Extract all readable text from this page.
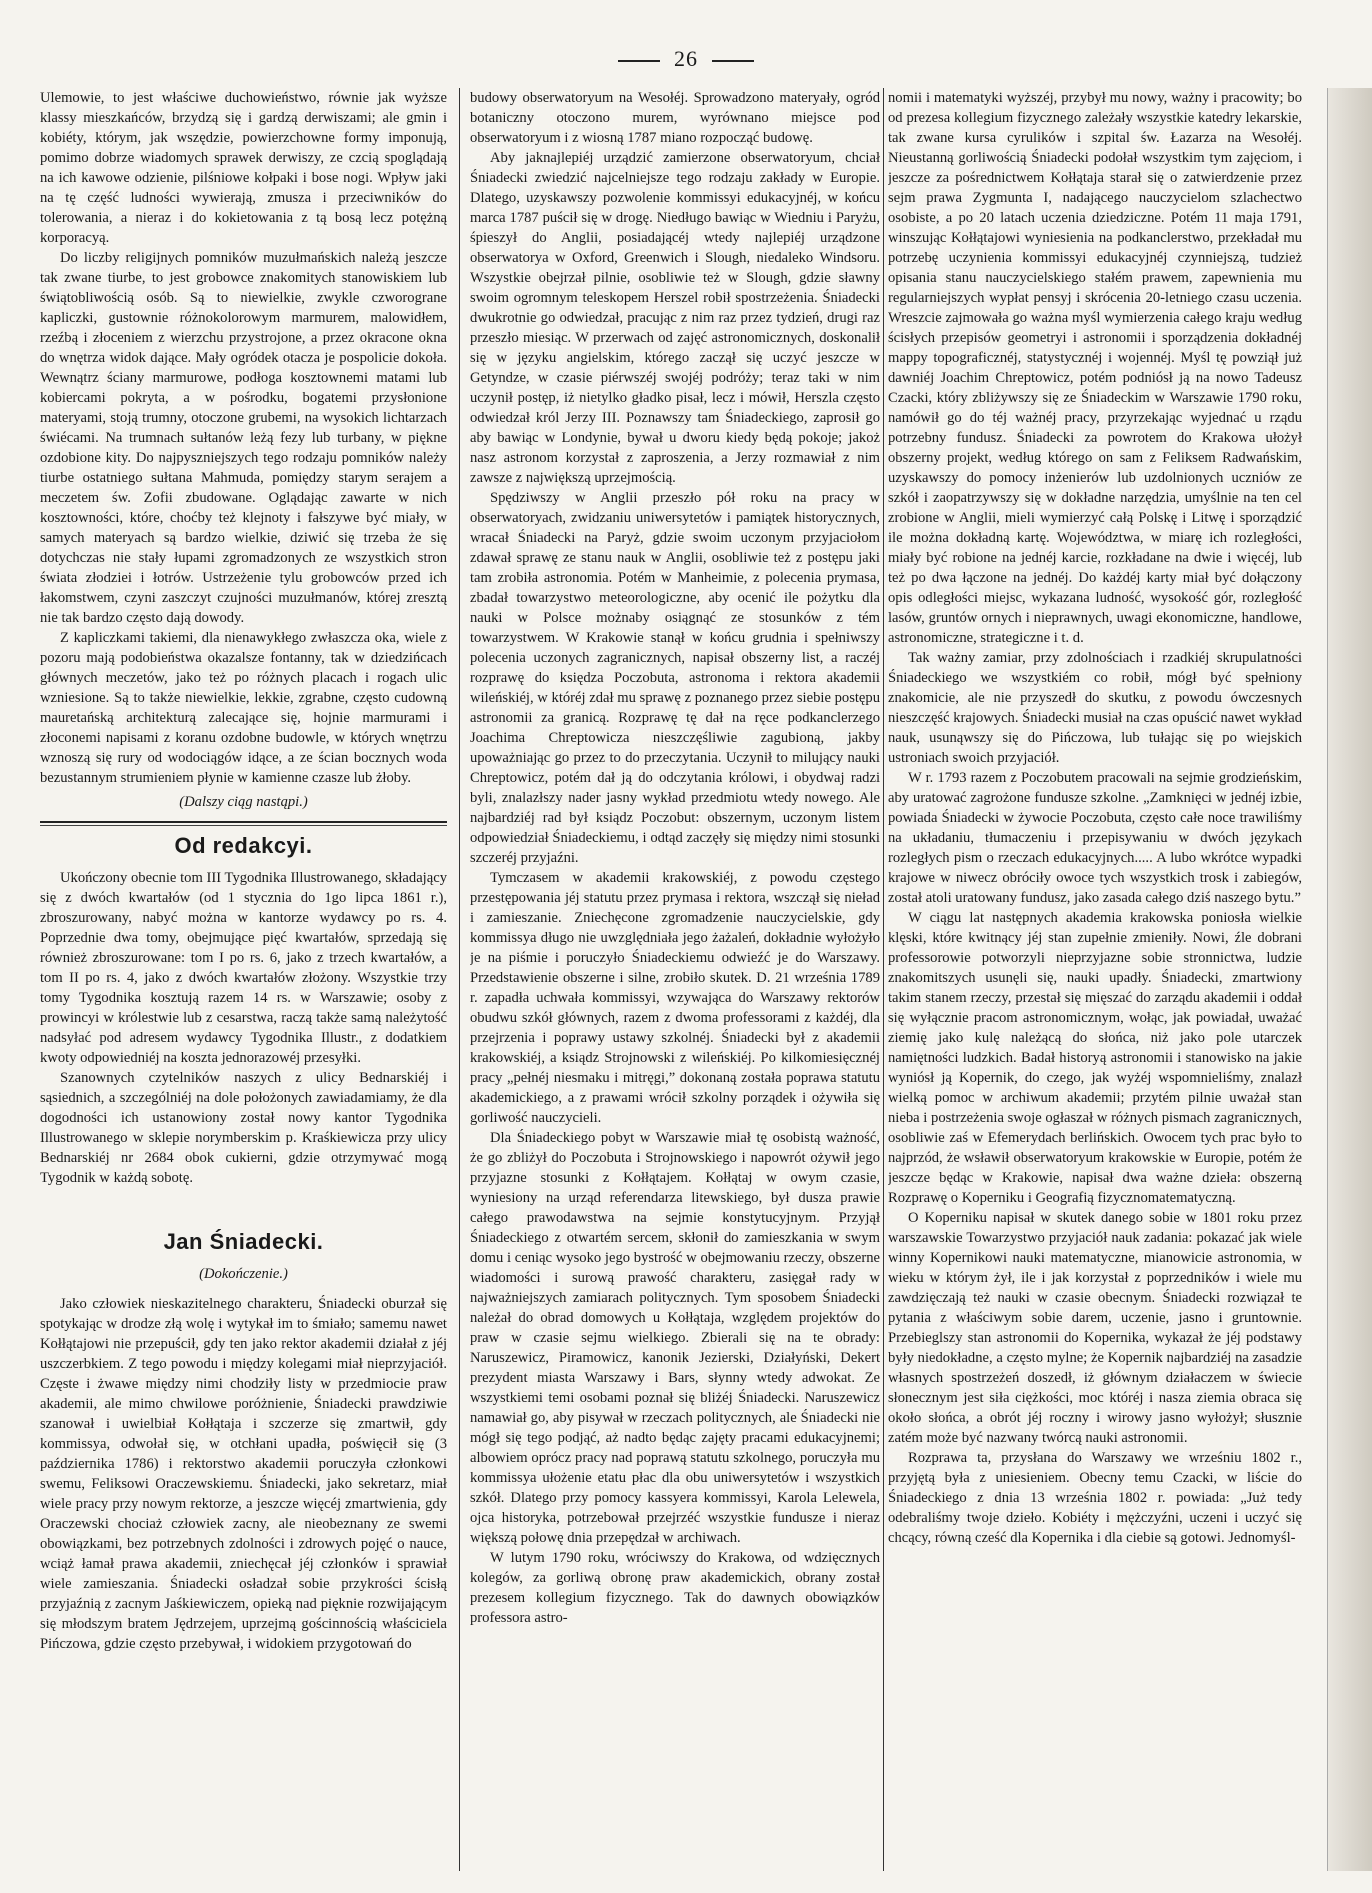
26

Ulemowie, to jest właściwe duchowieństwo, równie jak wyższe klassy mieszkańców, brzydzą się i gardzą derwiszami; ale gmin i kobiéty, którym, jak wszędzie, powierzchowne formy imponują, pomimo dobrze wiadomych sprawek derwiszy, ze czcią spoglądają na ich kawowe odzienie, pilśniowe kołpaki i bose nogi. Wpływ jaki na tę część ludności wywierają, zmusza i przeciwników do tolerowania, a nieraz i do kokietowania z tą bosą lecz potężną korporacyą.

Do liczby religijnych pomników muzułmańskich należą jeszcze tak zwane tiurbe, to jest grobowce znakomitych stanowiskiem lub świątobliwością osób. Są to niewielkie, zwykle czworograne kapliczki, gustownie różnokolorowym marmurem, malowidłem, rzeźbą i złoceniem z wierzchu przystrojone, a przez okracone okna do wnętrza widok dające. Mały ogródek otacza je pospolicie dokoła. Wewnątrz ściany marmurowe, podłoga kosztownemi matami lub kobiercami pokryta, a w pośrodku, bogatemi przysłonione materyami, stoją trumny, otoczone grubemi, na wysokich lichtarzach świécami. Na trumnach sułtanów leżą fezy lub turbany, w piękne ozdobione kity. Do najpyszniejszych tego rodzaju pomników należy tiurbe ostatniego sułtana Mahmuda, pomiędzy starym serajem a meczetem św. Zofii zbudowane. Oglądając zawarte w nich kosztowności, które, choćby też klejnoty i fałszywe być miały, w samych materyach są bardzo wielkie, dziwić się trzeba że się dotychczas nie stały łupami zgromadzonych ze wszystkich stron świata złodziei i łotrów. Ustrzeżenie tylu grobowców przed ich łakomstwem, czyni zaszczyt czujności muzułmanów, której zresztą nie tak bardzo często dają dowody.

Z kapliczkami takiemi, dla nienawykłego zwłaszcza oka, wiele z pozoru mają podobieństwa okazalsze fontanny, tak w dziedzińcach głównych meczetów, jako też po różnych placach i rogach ulic wzniesione. Są to także niewielkie, lekkie, zgrabne, często cudowną mauretańską architekturą zalecające się, hojnie marmurami i złoconemi napisami z koranu ozdobne budowle, w których wnętrzu wznoszą się rury od wodociągów idące, a ze ścian bocznych woda bezustannym strumieniem płynie w kamienne czasze lub żłoby.

(Dalszy ciąg nastąpi.)
Od redakcyi.

Ukończony obecnie tom III Tygodnika Illustrowanego, składający się z dwóch kwartałów (od 1 stycznia do 1go lipca 1861 r.), zbroszurowany, nabyć można w kantorze wydawcy po rs. 4. Poprzednie dwa tomy, obejmujące pięć kwartałów, sprzedają się również zbroszurowane: tom I po rs. 6, jako z trzech kwartałów, a tom II po rs. 4, jako z dwóch kwartałów złożony. Wszystkie trzy tomy Tygodnika kosztują razem 14 rs. w Warszawie; osoby z prowincyi w królestwie lub z cesarstwa, raczą także samą należytość nadsyłać pod adresem wydawcy Tygodnika Illustr., z dodatkiem kwoty odpowiedniéj na koszta jednorazowéj przesyłki.

Szanownych czytelników naszych z ulicy Bednarskiéj i sąsiednich, a szczególniéj na dole położonych zawiadamiamy, że dla dogodności ich ustanowiony został nowy kantor Tygodnika Illustrowanego w sklepie norymberskim p. Kraśkiewicza przy ulicy Bednarskiéj nr 2684 obok cukierni, gdzie otrzymywać mogą Tygodnik w każdą sobotę.

Jan Śniadecki.
(Dokończenie.)

Jako człowiek nieskazitelnego charakteru, Śniadecki oburzał się spotykając w drodze złą wolę i wytykał im to śmiało; samemu nawet Kołłątajowi nie przepuścił, gdy ten jako rektor akademii działał z jéj uszczerbkiem. Z tego powodu i między kolegami miał nieprzyjaciół. Częste i żwawe między nimi chodziły listy w przedmiocie praw akademii, ale mimo chwilowe poróżnienie, Śniadecki prawdziwie szanował i uwielbiał Kołłątaja i szczerze się zmartwił, gdy kommissya, odwołał się, w otchłani upadła, poświęcił się (3 października 1786) i rektorstwo akademii poruczyła członkowi swemu, Feliksowi Oraczewskiemu. Śniadecki, jako sekretarz, miał wiele pracy przy nowym rektorze, a jeszcze więcéj zmartwienia, gdy Oraczewski chociaż człowiek zacny, ale nieobeznany ze swemi obowiązkami, bez potrzebnych zdolności i zdrowych pojęć o nauce, wciąż łamał prawa akademii, zniechęcał jéj członków i sprawiał wiele zamieszania. Śniadecki osładzał sobie przykrości ścisłą przyjaźnią z zacnym Jaśkiewiczem, opieką nad pięknie rozwijającym się młodszym bratem Jędrzejem, uprzejmą gościnnością właściciela Pińczowa, gdzie często przebywał, i widokiem przygotowań do

budowy obserwatoryum na Wesołéj. Sprowadzono materyały, ogród botaniczny otoczono murem, wyrównano miejsce pod obserwatoryum i z wiosną 1787 miano rozpocząć budowę.

Aby jaknajlepiéj urządzić zamierzone obserwatoryum, chciał Śniadecki zwiedzić najcelniejsze tego rodzaju zakłady w Europie. Dlatego, uzyskawszy pozwolenie kommissyi edukacyjnéj, w końcu marca 1787 puścił się w drogę. Niedługo bawiąc w Wiedniu i Paryżu, śpieszył do Anglii, posiadającéj wtedy najlepiéj urządzone obserwatorya w Oxford, Greenwich i Slough, niedaleko Windsoru. Wszystkie obejrzał pilnie, osobliwie też w Slough, gdzie sławny swoim ogromnym teleskopem Herszel robił spostrzeżenia. Śniadecki dwukrotnie go odwiedzał, pracując z nim raz przez tydzień, drugi raz przeszło miesiąc. W przerwach od zajęć astronomicznych, doskonalił się w języku angielskim, którego zaczął się uczyć jeszcze w Getyndze, w czasie piérwszéj swojéj podróży; teraz taki w nim uczynił postęp, iż nietylko gładko pisał, lecz i mówił, Herszla często odwiedzał król Jerzy III. Poznawszy tam Śniadeckiego, zaprosił go aby bawiąc w Londynie, bywał u dworu kiedy będą pokoje; jakoż nasz astronom korzystał z zaproszenia, a Jerzy rozmawiał z nim zawsze z największą uprzejmością.

Spędziwszy w Anglii przeszło pół roku na pracy w obserwatoryach, zwidzaniu uniwersytetów i pamiątek historycznych, wracał Śniadecki na Paryż, gdzie swoim uczonym przyjaciołom zdawał sprawę ze stanu nauk w Anglii, osobliwie też z postępu jaki tam zrobiła astronomia. Potém w Manheimie, z polecenia prymasa, zbadał towarzystwo meteorologiczne, aby ocenić ile pożytku dla nauki w Polsce możnaby osiągnąć ze stosunków z tém towarzystwem. W Krakowie stanął w końcu grudnia i spełniwszy polecenia uczonych zagranicznych, napisał obszerny list, a raczéj rozprawę do księdza Poczobuta, astronoma i rektora akademii wileńskiéj, w któréj zdał mu sprawę z poznanego przez siebie postępu astronomii za granicą. Rozprawę tę dał na ręce podkanclerzego Joachima Chreptowicza nieszczęśliwie zagubioną, jakby upoważniając go przez to do przeczytania. Uczynił to milujący nauki Chreptowicz, potém dał ją do odczytania królowi, i obydwaj radzi byli, znalazłszy nader jasny wykład przedmiotu wtedy nowego. Ale najbardziéj rad był ksiądz Poczobut: obszernym, uczonym listem odpowiedział Śniadeckiemu, i odtąd zaczęły się między nimi stosunki szczeréj przyjaźni.

Tymczasem w akademii krakowskiéj, z powodu częstego przestępowania jéj statutu przez prymasa i rektora, wszczął się nieład i zamieszanie. Zniechęcone zgromadzenie nauczycielskie, gdy kommissya długo nie uwzględniała jego żażaleń, dokładnie wyłożyło je na piśmie i poruczyło Śniadeckiemu odwieźć je do Warszawy. Przedstawienie obszerne i silne, zrobiło skutek. D. 21 września 1789 r. zapadła uchwała kommissyi, wzywająca do Warszawy rektorów obudwu szkół głównych, razem z dwoma professorami z każdéj, dla przejrzenia i poprawy ustawy szkolnéj. Śniadecki był z akademii krakowskiéj, a ksiądz Strojnowski z wileńskiéj. Po kilkomiesięcznéj pracy „pełnéj niesmaku i mitręgi,” dokonaną została poprawa statutu akademickiego, a z prawami wrócił szkolny porządek i ożywiła się gorliwość nauczycieli.

Dla Śniadeckiego pobyt w Warszawie miał tę osobistą ważność, że go zbliżył do Poczobuta i Strojnowskiego i napowrót ożywił jego przyjazne stosunki z Kołłątajem. Kołłątaj w owym czasie, wyniesiony na urząd referendarza litewskiego, był dusza prawie całego prawodawstwa na sejmie konstytucyjnym. Przyjął Śniadeckiego z otwartém sercem, skłonił do zamieszkania w swym domu i ceniąc wysoko jego bystrość w obejmowaniu rzeczy, obszerne wiadomości i surową prawość charakteru, zasięgał rady w najważniejszych zamiarach politycznych. Tym sposobem Śniadecki należał do obrad domowych u Kołłątaja, względem projektów do praw w czasie sejmu wielkiego. Zbierali się na te obrady: Naruszewicz, Piramowicz, kanonik Jezierski, Działyński, Dekert prezydent miasta Warszawy i Bars, słynny wtedy adwokat. Ze wszystkiemi temi osobami poznał się bliżéj Śniadecki. Naruszewicz namawiał go, aby pisywał w rzeczach politycznych, ale Śniadecki nie mógł się tego podjąć, aż nadto będąc zajęty pracami edukacyjnemi; albowiem oprócz pracy nad poprawą statutu szkolnego, poruczyła mu kommissya ułożenie etatu płac dla obu uniwersytetów i wszystkich szkół. Dlatego przy pomocy kassyera kommissyi, Karola Lelewela, ojca historyka, potrzebował przejrzéć wszystkie fundusze i nieraz większą połowę dnia przepędzał w archiwach.

W lutym 1790 roku, wróciwszy do Krakowa, od wdzięcznych kolegów, za gorliwą obronę praw akademickich, obrany został prezesem kollegium fizycznego. Tak do dawnych obowiązków professora astro-

nomii i matematyki wyższéj, przybył mu nowy, ważny i pracowity; bo od prezesa kollegium fizycznego zależały wszystkie katedry lekarskie, tak zwane kursa cyrulików i szpital św. Łazarza na Wesołéj. Nieustanną gorliwością Śniadecki podołał wszystkim tym zajęciom, i jeszcze za pośrednictwem Kołłątaja starał się o zatwierdzenie przez sejm prawa Zygmunta I, nadającego nauczycielom szlachectwo osobiste, a po 20 latach uczenia dziedziczne. Potém 11 maja 1791, winszując Kołłątajowi wyniesienia na podkanclerstwo, przekładał mu potrzebę uczynienia kommissyi edukacyjnéj czynniejszą, tudzież opisania stanu nauczycielskiego stałém prawem, zapewnienia mu regularniejszych wypłat pensyj i skrócenia 20-letniego czasu uczenia. Wreszcie zajmowała go ważna myśl wymierzenia całego kraju według ścisłych przepisów geometryi i astronomii i sporządzenia dokładnéj mappy topograficznéj, statystycznéj i wojennéj. Myśl tę powziął już dawniéj Joachim Chreptowicz, potém podniósł ją na nowo Tadeusz Czacki, który zbliżywszy się ze Śniadeckim w Warszawie 1790 roku, namówił go do téj ważnéj pracy, przyrzekając wyjednać u rządu potrzebny fundusz. Śniadecki za powrotem do Krakowa ułożył obszerny projekt, według którego on sam z Feliksem Radwańskim, uzyskawszy do pomocy inżenierów lub uzdolnionych uczniów ze szkół i zaopatrzywszy się w dokładne narzędzia, umyślnie na ten cel zrobione w Anglii, mieli wymierzyć całą Polskę i Litwę i sporządzić ile można dokładną kartę. Województwa, w miarę ich rozległości, miały być robione na jednéj karcie, rozkładane na dwie i więcéj, lub też po dwa łączone na jednéj. Do każdéj karty miał być dołączony opis odległości miejsc, wykazana ludność, wysokość gór, rozległość lasów, gruntów ornych i nieprawnych, uwagi ekonomiczne, handlowe, astronomiczne, strategiczne i t. d.

Tak ważny zamiar, przy zdolnościach i rzadkiéj skrupulatności Śniadeckiego we wszystkiém co robił, mógł być spełniony znakomicie, ale nie przyszedł do skutku, z powodu ówczesnych nieszczęść krajowych. Śniadecki musiał na czas opuścić nawet wykład nauk, usunąwszy się do Pińczowa, lub tułając się po wiejskich ustroniach swoich przyjaciół.

W r. 1793 razem z Poczobutem pracowali na sejmie grodzieńskim, aby uratować zagrożone fundusze szkolne. „Zamknięci w jednéj izbie, powiada Śniadecki w żywocie Poczobuta, często całe noce trawiliśmy na układaniu, tłumaczeniu i przepisywaniu w dwóch językach rozległych pism o rzeczach edukacyjnych..... A lubo wkrótce wypadki krajowe w niwecz obróciły owoce tych wszystkich trosk i zabiegów, został atoli uratowany fundusz, jako zasada całego dziś naszego bytu.”

W ciągu lat następnych akademia krakowska poniosła wielkie klęski, które kwitnący jéj stan zupełnie zmieniły. Nowi, źle dobrani professorowie potworzyli nieprzyjazne sobie stronnictwa, ludzie znakomitszych usunęli się, nauki upadły. Śniadecki, zmartwiony takim stanem rzeczy, przestał się mięszać do zarządu akademii i oddał się wyłącznie pracom astronomicznym, wołąc, jak powiadał, uważać ziemię jako kulę należącą do słońca, niż jako pole utarczek namiętności ludzkich. Badał historyą astronomii i stanowisko na jakie wyniósł ją Kopernik, do czego, jak wyżéj wspomnieliśmy, znalazł wielką pomoc w archiwum akademii; przytém pilnie uważał stan nieba i postrzeżenia swoje ogłaszał w różnych pismach zagranicznych, osobliwie zaś w Efemerydach berlińskich. Owocem tych prac było to najprzód, że wsławił obserwatoryum krakowskie w Europie, potém że jeszcze będąc w Krakowie, napisał dwa ważne dzieła: obszerną Rozprawę o Koperniku i Geografią fizycznomatematyczną.

O Koperniku napisał w skutek danego sobie w 1801 roku przez warszawskie Towarzystwo przyjaciół nauk zadania: pokazać jak wiele winny Kopernikowi nauki matematyczne, mianowicie astronomia, w wieku w którym żył, ile i jak korzystał z poprzedników i wiele mu zawdzięczają też nauki w czasie obecnym. Śniadecki rozwiązał te pytania z właściwym sobie darem, uczenie, jasno i gruntownie. Przebieglszy stan astronomii do Kopernika, wykazał że jéj podstawy były niedokładne, a często mylne; że Kopernik najbardziéj na zasadzie własnych spostrzeżeń doszedł, iż głównym działaczem w świecie słonecznym jest siła ciężkości, moc któréj i nasza ziemia obraca się około słońca, a obrót jéj roczny i wirowy jasno wyłożył; słusznie zatém może być nazwany twórcą nauki astronomii.

Rozprawa ta, przysłana do Warszawy we wrześniu 1802 r., przyjętą była z uniesieniem. Obecny temu Czacki, w liście do Śniadeckiego z dnia 13 września 1802 r. powiada: „Już tedy odebraliśmy twoje dzieło. Kobiéty i mężczyźni, uczeni i uczyć się chcący, równą cześć dla Kopernika i dla ciebie są gotowi. Jednomyśl-
